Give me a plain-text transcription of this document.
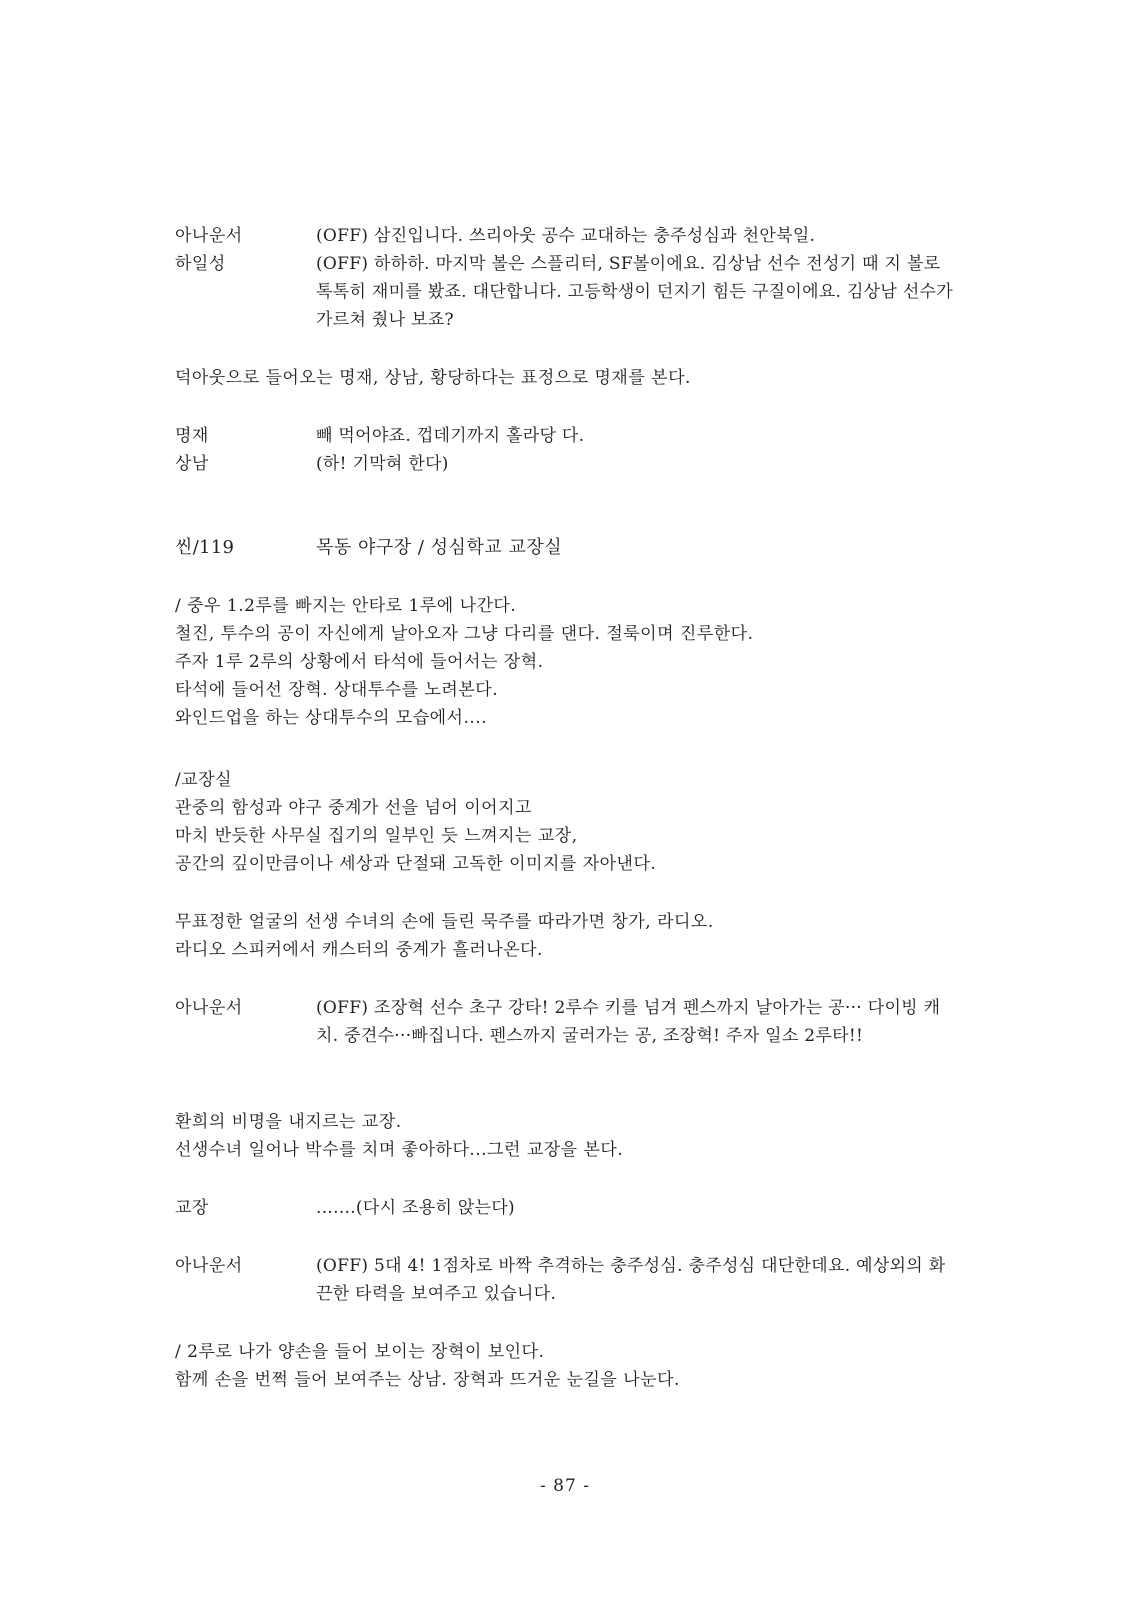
아나운서	(OFF) 삼진입니다. 쓰리아웃 공수 교대하는 충주성심과 천안북일.
하일성	(OFF) 하하하. 마지막 볼은 스플리터, SF볼이에요. 김상남 선수 전성기 때 지 볼로 톡톡히 재미를 봤죠. 대단합니다. 고등학생이 던지기 힘든 구질이에요. 김상남 선수가 가르쳐 줬나 보죠?
덕아웃으로 들어오는 명재, 상남, 황당하다는 표정으로 명재를 본다.
명재	빼 먹어야죠. 껍데기까지 홀라당 다.
상남	(하! 기막혀 한다)
씬/119	목동 야구장 / 성심학교 교장실
/ 중우 1.2루를 빠지는 안타로 1루에 나간다.
철진, 투수의 공이 자신에게 날아오자 그냥 다리를 댄다. 절룩이며 진루한다.
주자 1루 2루의 상황에서 타석에 들어서는 장혁.
타석에 들어선 장혁. 상대투수를 노려본다.
와인드업을 하는 상대투수의 모습에서....
/교장실
관중의 함성과 야구 중계가 선을 넘어 이어지고
마치 반듯한 사무실 집기의 일부인 듯 느껴지는 교장,
공간의 깊이만큼이나 세상과 단절돼 고독한 이미지를 자아낸다.
무표정한 얼굴의 선생 수녀의 손에 들린 묵주를 따라가면 창가, 라디오.
라디오 스피커에서 캐스터의 중계가 흘러나온다.
아나운서	(OFF) 조장혁 선수 초구 강타! 2루수 키를 넘겨 펜스까지 날아가는 공··· 다이빙 캐치. 중견수···빠집니다. 펜스까지 굴러가는 공, 조장혁! 주자 일소 2루타!!
환희의 비명을 내지르는 교장.
선생수녀 일어나 박수를 치며 좋아하다...그런 교장을 본다.
교장	.......(다시 조용히 앉는다)
아나운서	(OFF) 5대 4! 1점차로 바짝 추격하는 충주성심. 충주성심 대단한데요. 예상외의 화끈한 타력을 보여주고 있습니다.
/ 2루로 나가 양손을 들어 보이는 장혁이 보인다.
함께 손을 번쩍 들어 보여주는 상남. 장혁과 뜨거운 눈길을 나눈다.
- 87 -
